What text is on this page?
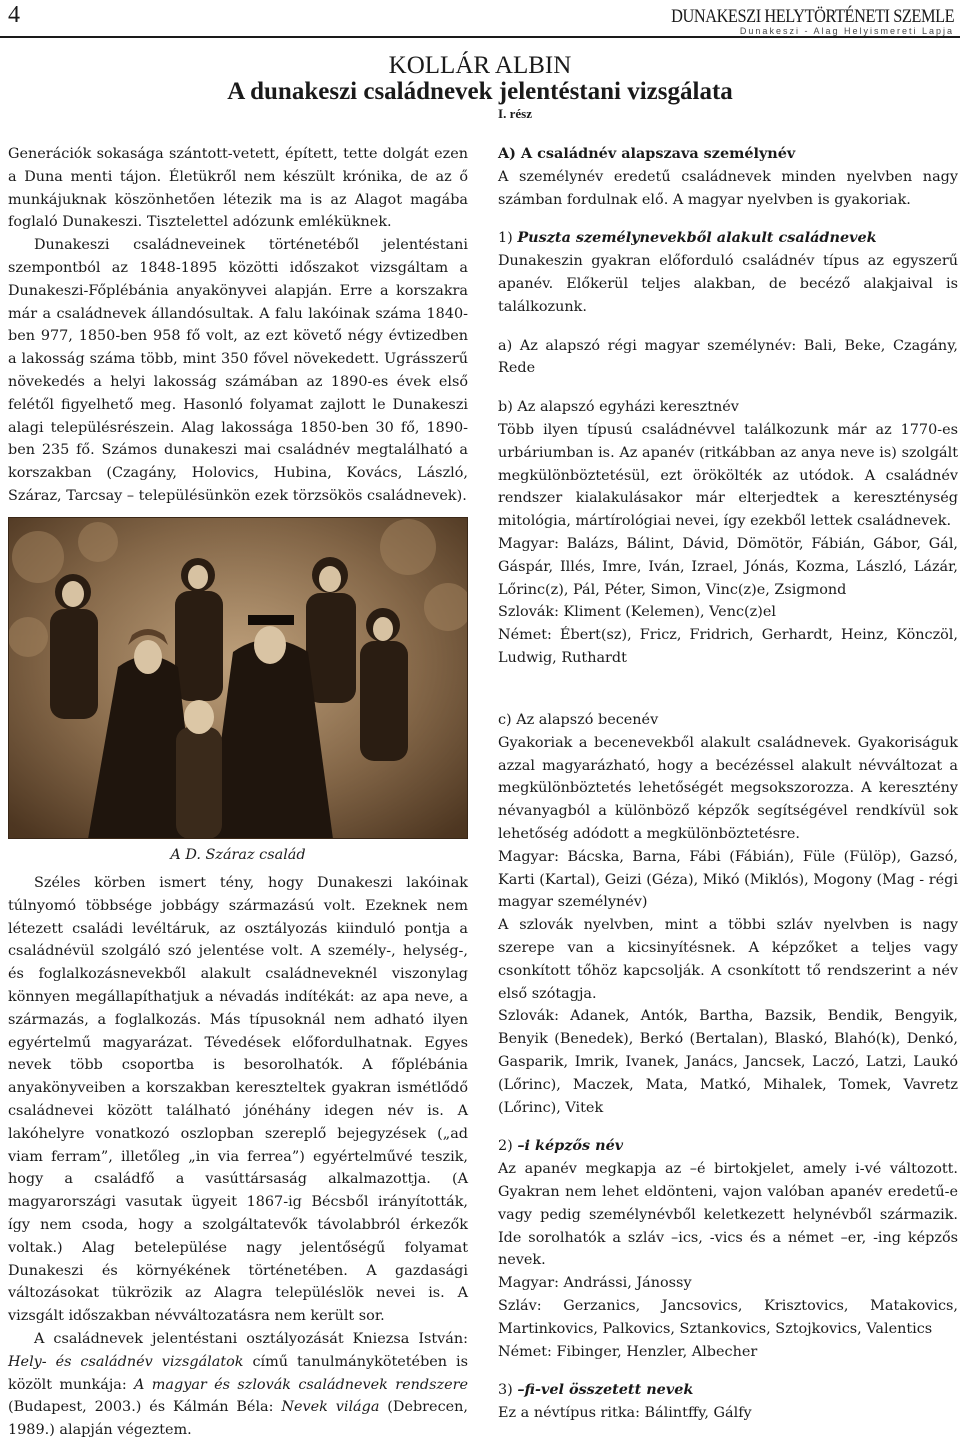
4	DUNAKESZI HELYTÖRTÉNETI SZEMLE
Dunakeszi - Alag Helyismereti Lapja
KOLLÁR ALBIN
A dunakeszi családnevek jelentéstani vizsgálata
I. rész

Generációk sokasága szántott-vetett, épített, tette dolgát ezen a Duna menti tájon. Életükről nem készült krónika, de az ő munkájuknak köszönhetően létezik ma is az Alagot magába foglaló Dunakeszi. Tisztelettel adózunk emléküknek.

Dunakeszi családneveinek történetéből jelentéstani szempontból az 1848-1895 közötti időszakot vizsgáltam a Dunakeszi-Főplébánia anyakönyvei alapján. Erre a korszakra már a családnevek állandósultak. A falu lakóinak száma 1840-ben 977, 1850-ben 958 fő volt, az ezt követő négy évtizedben a lakosság száma több, mint 350 fővel növekedett. Ugrásszerű növekedés a helyi lakosság számában az 1890-es évek első felétől figyelhető meg. Hasonló folyamat zajlott le Dunakeszi alagi településrészein. Alag lakossága 1850-ben 30 fő, 1890-ben 235 fő. Számos dunakeszi mai családnév megtalálható a korszakban (Czagány, Holovics, Hubina, Kovács, László, Száraz, Tarcsay – településünkön ezek törzsökös családnevek).

A D. Száraz család

Széles körben ismert tény, hogy Dunakeszi lakóinak túlnyomó többsége jobbágy származású volt. Ezeknek nem létezett családi levéltáruk, az osztályozás kiinduló pontja a családnévül szolgáló szó jelentése volt. A személy-, helység-, és foglalkozásnevekből alakult családneveknél viszonylag könnyen megállapíthatjuk a névadás indítékát: az apa neve, a származás, a foglalkozás. Más típusoknál nem adható ilyen egyértelmű magyarázat. Tévedések előfordulhatnak. Egyes nevek több csoportba is besorolhatók. A főplébánia anyakönyveiben a korszakban kereszteltek gyakran ismétlődő családnevei között található jónéhány idegen név is. A lakóhelyre vonatkozó oszlopban szereplő bejegyzések („ad viam ferram”, illetőleg „in via ferrea”) egyértelművé teszik, hogy a családfő a vasúttársaság alkalmazottja. (A magyarországi vasutak ügyeit 1867-ig Bécsből irányították, így nem csoda, hogy a szolgáltatevők távolabbról érkezők voltak.) Alag betelepülése nagy jelentőségű folyamat Dunakeszi és környékének történetében. A gazdasági változásokat tükrözik az Alagra településlök nevei is. A vizsgált időszakban névváltozatásra nem került sor.

A családnevek jelentéstani osztályozását Kniezsa István: Hely- és családnév vizsgálatok című tanulmánykötetében is közölt munkája: A magyar és szlovák családnevek rendszere (Budapest, 2003.) és Kálmán Béla: Nevek világa (Debrecen, 1989.) alapján végeztem.

A) A családnév alapszava személynév

A személynév eredetű családnevek minden nyelvben nagy számban fordulnak elő. A magyar nyelvben is gyakoriak.

1) Puszta személynevekből alakult családnevek

Dunakeszin gyakran előforduló családnév típus az egyszerű apanév. Előkerül teljes alakban, de becéző alakjaival is találkozunk.

a) Az alapszó régi magyar személynév: Bali, Beke, Czagány, Rede

b) Az alapszó egyházi keresztnév

Több ilyen típusú családnévvel találkozunk már az 1770-es urbáriumban is. Az apanév (ritkábban az anya neve is) szolgált megkülönböztetésül, ezt örökölték az utódok. A családnév rendszer kialakulásakor már elterjedtek a kereszténység mitológia, mártírológiai nevei, így ezekből lettek családnevek.

Magyar: Balázs, Bálint, Dávid, Dömötör, Fábián, Gábor, Gál, Gáspár, Illés, Imre, Iván, Izrael, Jónás, Kozma, László, Lázár, Lőrinc(z), Pál, Péter, Simon, Vinc(z)e, Zsigmond

Szlovák: Kliment (Kelemen), Venc(z)el

Német: Ébert(sz), Fricz, Fridrich, Gerhardt, Heinz, Könczöl, Ludwig, Ruthardt

c) Az alapszó becenév

Gyakoriak a becenevekből alakult családnevek. Gyakoriságuk azzal magyarázható, hogy a becézéssel alakult névváltozat a megkülönböztetés lehetőségét megsokszorozza. A keresztény névanyagból a különböző képzők segítségével rendkívül sok lehetőség adódott a megkülönböztetésre.

Magyar: Bácska, Barna, Fábi (Fábián), Füle (Fülöp), Gazsó, Karti (Kartal), Geizi (Géza), Mikó (Miklós), Mogony (Mag - régi magyar személynév)

A szlovák nyelvben, mint a többi szláv nyelvben is nagy szerepe van a kicsinyítésnek. A képzőket a teljes vagy csonkított tőhöz kapcsolják. A csonkított tő rendszerint a név első szótagja.

Szlovák: Adanek, Antók, Bartha, Bazsik, Bendik, Bengyik, Benyik (Benedek), Berkó (Bertalan), Blaskó, Blahó(k), Denkó, Gasparik, Imrik, Ivanek, Janács, Jancsek, Laczó, Latzi, Laukó (Lőrinc), Maczek, Mata, Matkó, Mihalek, Tomek, Vavretz (Lőrinc), Vitek

2) –i képzős név

Az apanév megkapja az –é birtokjelet, amely i-vé változott. Gyakran nem lehet eldönteni, vajon valóban apanév eredetű-e vagy pedig személynévből keletkezett helynévből származik. Ide sorolhatók a szláv –ics, -vics és a német –er, -ing képzős nevek.

Magyar: Andrássi, Jánossy

Szláv: Gerzanics, Jancsovics, Krisztovics, Matakovics, Martinkovics, Palkovics, Sztankovics, Sztojkovics, Valentics

Német: Fibinger, Henzler, Albecher

3) –fi-vel összetett nevek

Ez a névtípus ritka: Bálintffy, Gálfy
